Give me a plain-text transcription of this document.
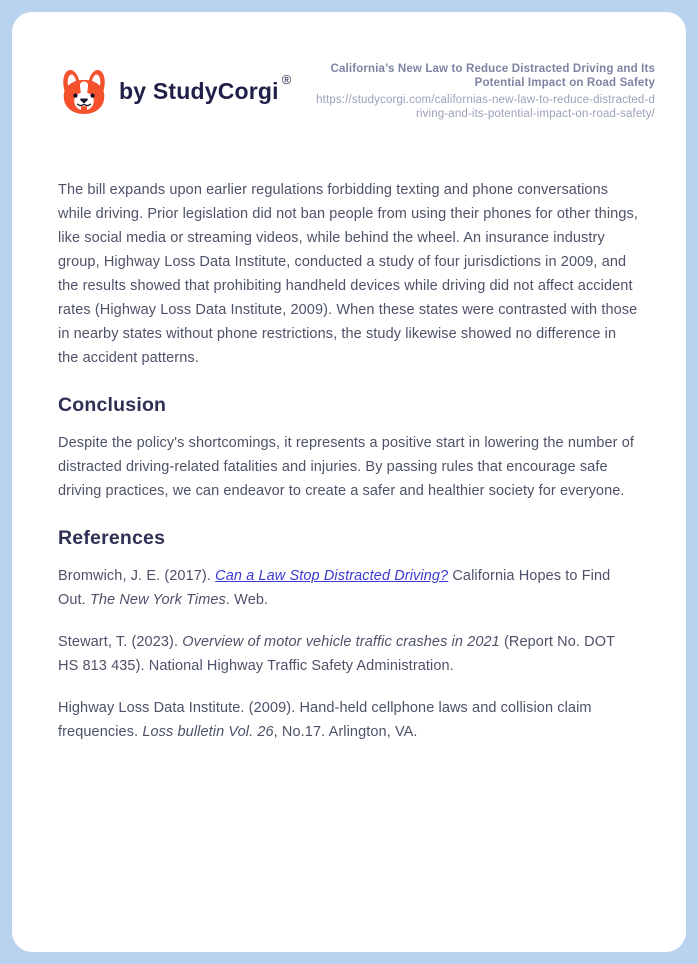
by StudyCorgi ®
California’s New Law to Reduce Distracted Driving and Its Potential Impact on Road Safety
https://studycorgi.com/californias-new-law-to-reduce-distracted-driving-and-its-potential-impact-on-road-safety/

The bill expands upon earlier regulations forbidding texting and phone conversations while driving. Prior legislation did not ban people from using their phones for other things, like social media or streaming videos, while behind the wheel. An insurance industry group, Highway Loss Data Institute, conducted a study of four jurisdictions in 2009, and the results showed that prohibiting handheld devices while driving did not affect accident rates (Highway Loss Data Institute, 2009). When these states were contrasted with those in nearby states without phone restrictions, the study likewise showed no difference in the accident patterns.

Conclusion

Despite the policy's shortcomings, it represents a positive start in lowering the number of distracted driving-related fatalities and injuries. By passing rules that encourage safe driving practices, we can endeavor to create a safer and healthier society for everyone.

References

Bromwich, J. E. (2017). Can a Law Stop Distracted Driving? California Hopes to Find Out. The New York Times. Web.

Stewart, T. (2023). Overview of motor vehicle traffic crashes in 2021 (Report No. DOT HS 813 435). National Highway Traffic Safety Administration.

Highway Loss Data Institute. (2009). Hand-held cellphone laws and collision claim frequencies. Loss bulletin Vol. 26, No.17. Arlington, VA.
